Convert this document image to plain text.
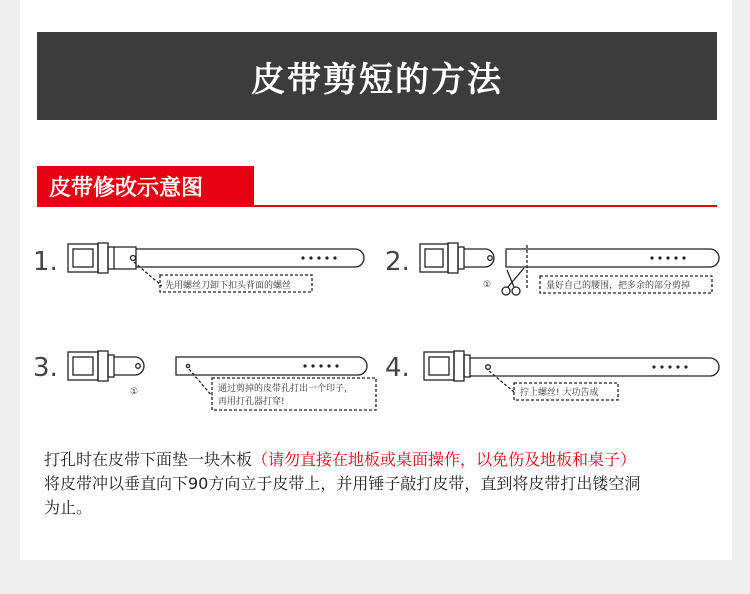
皮带剪短的方法
皮带修改示意图
1.
先用螺丝刀卸下扣头背面的螺丝
2.
①	量好自己的腰围，把多余的部分剪掉
3.
①	通过剪掉的皮带孔打出一个印子，
再用打孔器打穿!
4.
拧上螺丝! 大功告成
打孔时在皮带下面垫一块木板（请勿直接在地板或桌面操作，以免伤及地板和桌子）
将皮带冲以垂直向下90方向立于皮带上，并用锤子敲打皮带，直到将皮带打出镂空洞
为止。
